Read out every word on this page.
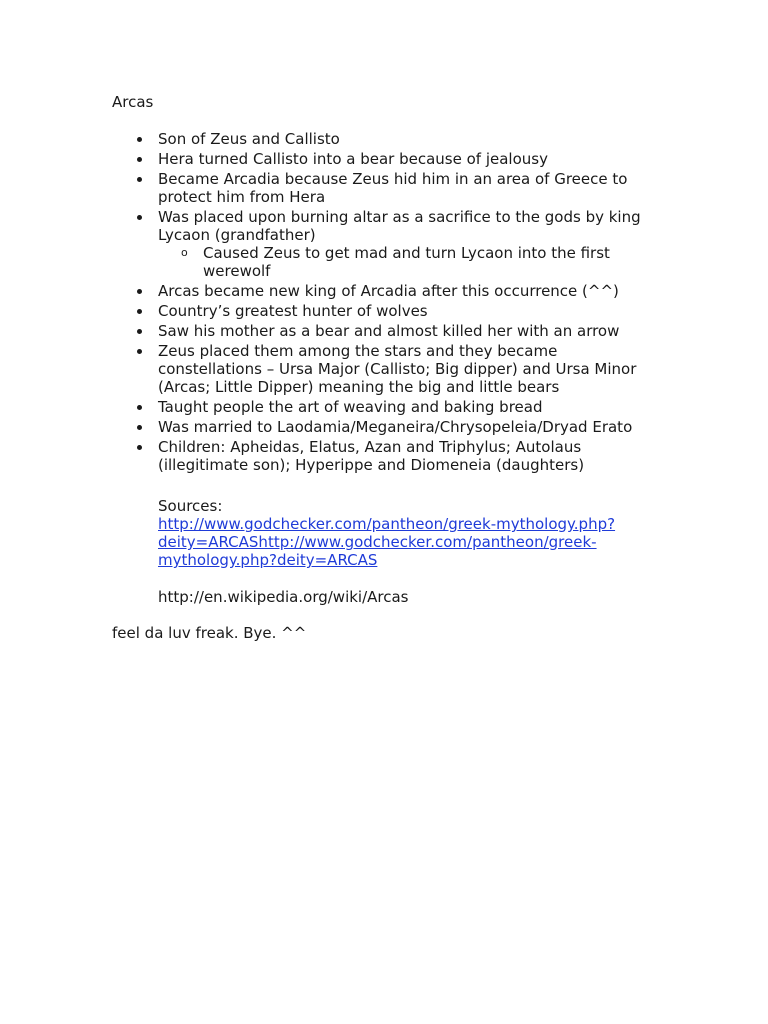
Arcas

Son of Zeus and Callisto
Hera turned Callisto into a bear because of jealousy
Became Arcadia because Zeus hid him in an area of Greece to protect him from Hera
Was placed upon burning altar as a sacrifice to the gods by king Lycaon (grandfather)
o Caused Zeus to get mad and turn Lycaon into the first werewolf
Arcas became new king of Arcadia after this occurrence (^^)
Country’s greatest hunter of wolves
Saw his mother as a bear and almost killed her with an arrow
Zeus placed them among the stars and they became constellations – Ursa Major (Callisto; Big dipper) and Ursa Minor (Arcas; Little Dipper) meaning the big and little bears
Taught people the art of weaving and baking bread
Was married to Laodamia/Meganeira/Chrysopeleia/Dryad Erato
Children: Apheidas, Elatus, Azan and Triphylus; Autolaus (illegitimate son); Hyperippe and Diomeneia (daughters)
Sources:
http://www.godchecker.com/pantheon/greek-mythology.php?deity=ARCAShttp://www.godchecker.com/pantheon/greek-mythology.php?deity=ARCAS
http://en.wikipedia.org/wiki/Arcas
feel da luv freak. Bye. ^^
